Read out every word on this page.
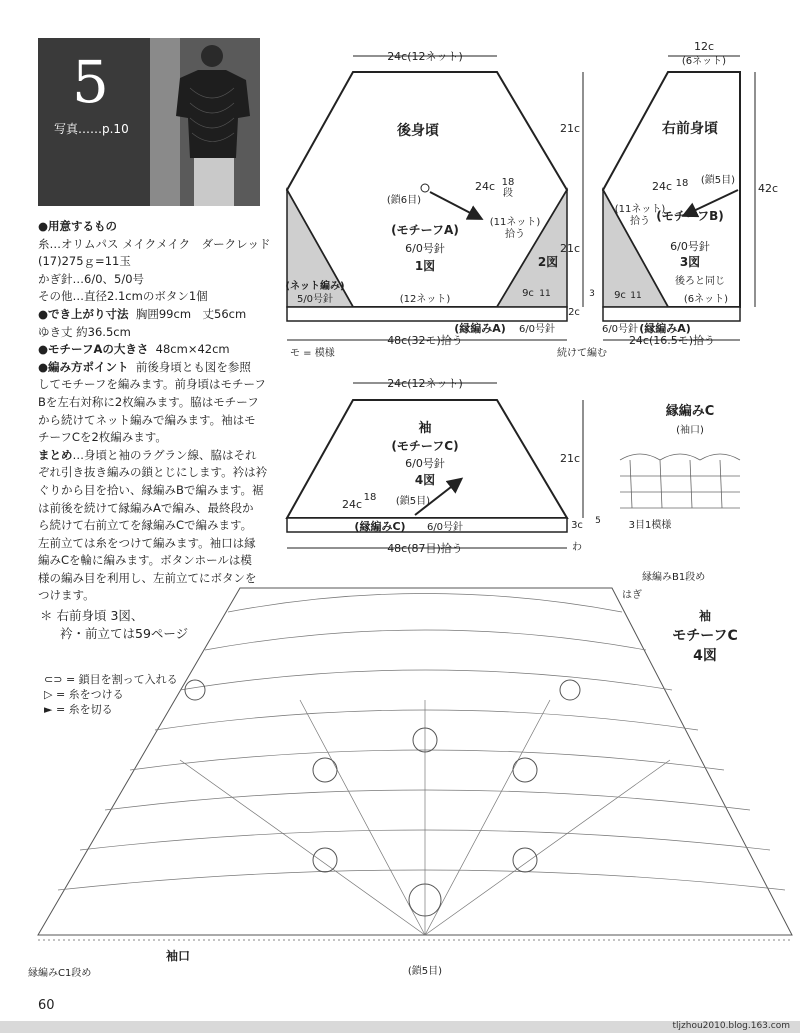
5
写真……p.10

●用意するもの

糸…オリムパス メイクメイク　ダークレッド

(17)275ｇ=11玉

かぎ針…6/0、5/0号

その他…直径2.1cmのボタン1個

●でき上がり寸法 胸囲99cm　丈56cm

ゆき丈 約36.5cm

●モチーフAの大きさ 48cm×42cm

●編み方ポイント 前後身頃とも図を参照

してモチーフを編みます。前身頃はモチーフ

Bを左右対称に2枚編みます。脇はモチーフ

から続けてネット編みで編みます。袖はモ

チーフCを2枚編みます。

まとめ…身頃と袖のラグラン線、脇はそれ

ぞれ引き抜き編みの鎖とじにします。衿は衿

ぐりから目を拾い、縁編みBで編みます。裾

は前後を続けて縁編みAで編み、最終段か

ら続けて右前立てを縁編みCで編みます。

左前立ては糸をつけて編みます。袖口は縁

編みCを輪に編みます。ボタンホールは模

様の編み目を利用し、左前立てにボタンを

つけます。

＊ 右前身頃 3図、
衿・前立ては59ページ
⊂⊃ = 鎖目を割って入れる
▷ = 糸をつける
► = 糸を切る
24c(12ネット)
後身頃
(鎖6目)
24c 18
段
(モチーフA)
6/0号針
1図
(11ネット)
拾う
2図
(ネット編み)
5/0号針	(12ネット)
9c 11
(縁編みA) 6/0号針
48c(32モ)拾う
モ = 模様
21c
21c
2c
3
12c
(6ネット)
右前身頃
24c 18 (鎖5目)
(11ネット)
拾う (モチーフB)
6/0号針
3図
後ろと同じ
9c 11	(6ネット)
(縁編みA)
6/0号針
24c(16.5モ)拾う
続けて編む
42c
24c(12ネット)
袖
(モチーフC)
6/0号針
4図
24c
18 (鎖5目)
(縁編みC) 6/0号針
48c(87目)拾う	わ
21c
3c 5
縁編みC
(袖口)
3目1模様
縁編みB1段め
はぎ
袖
モチーフC
4図
袖口
縁編みC1段め	(鎖5目)
60
tljzhou2010.blog.163.com
